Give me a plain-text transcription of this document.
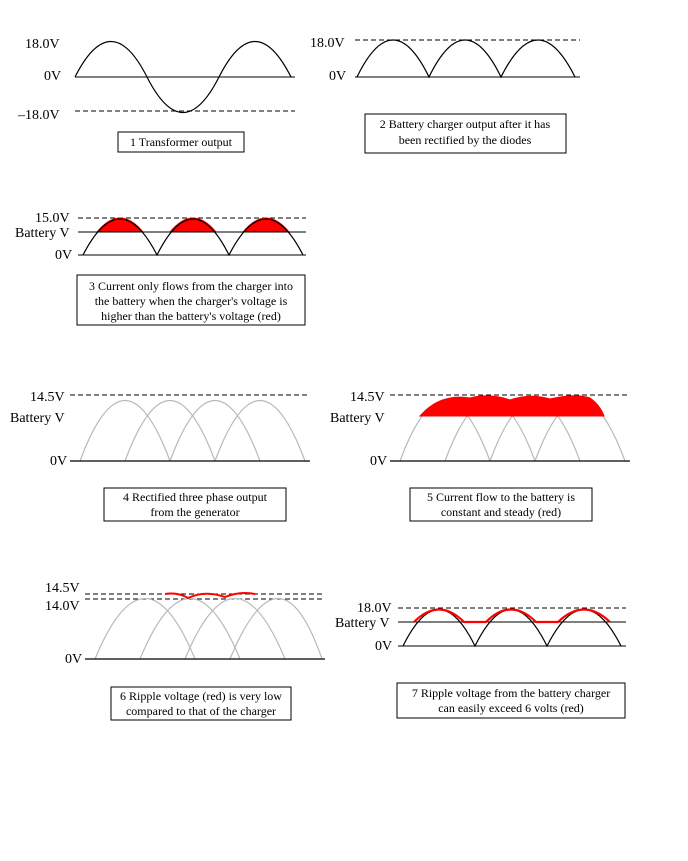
18.0V
0V
–18.0V
1 Transformer output
18.0V
0V
2 Battery charger output after it has
been rectified by the diodes
15.0V
Battery V
0V
3 Current only flows from the charger into
the battery when the charger's voltage is
higher than the battery's voltage (red)
14.5V
Battery V
0V
4 Rectified three phase output
from the generator
14.5V
Battery V
0V
5 Current flow to the battery is
constant and steady (red)
14.5V
14.0V
0V
6 Ripple voltage (red) is very low
compared to that of the charger
18.0V
Battery V
0V
7 Ripple voltage from the battery charger
can easily exceed 6 volts (red)
